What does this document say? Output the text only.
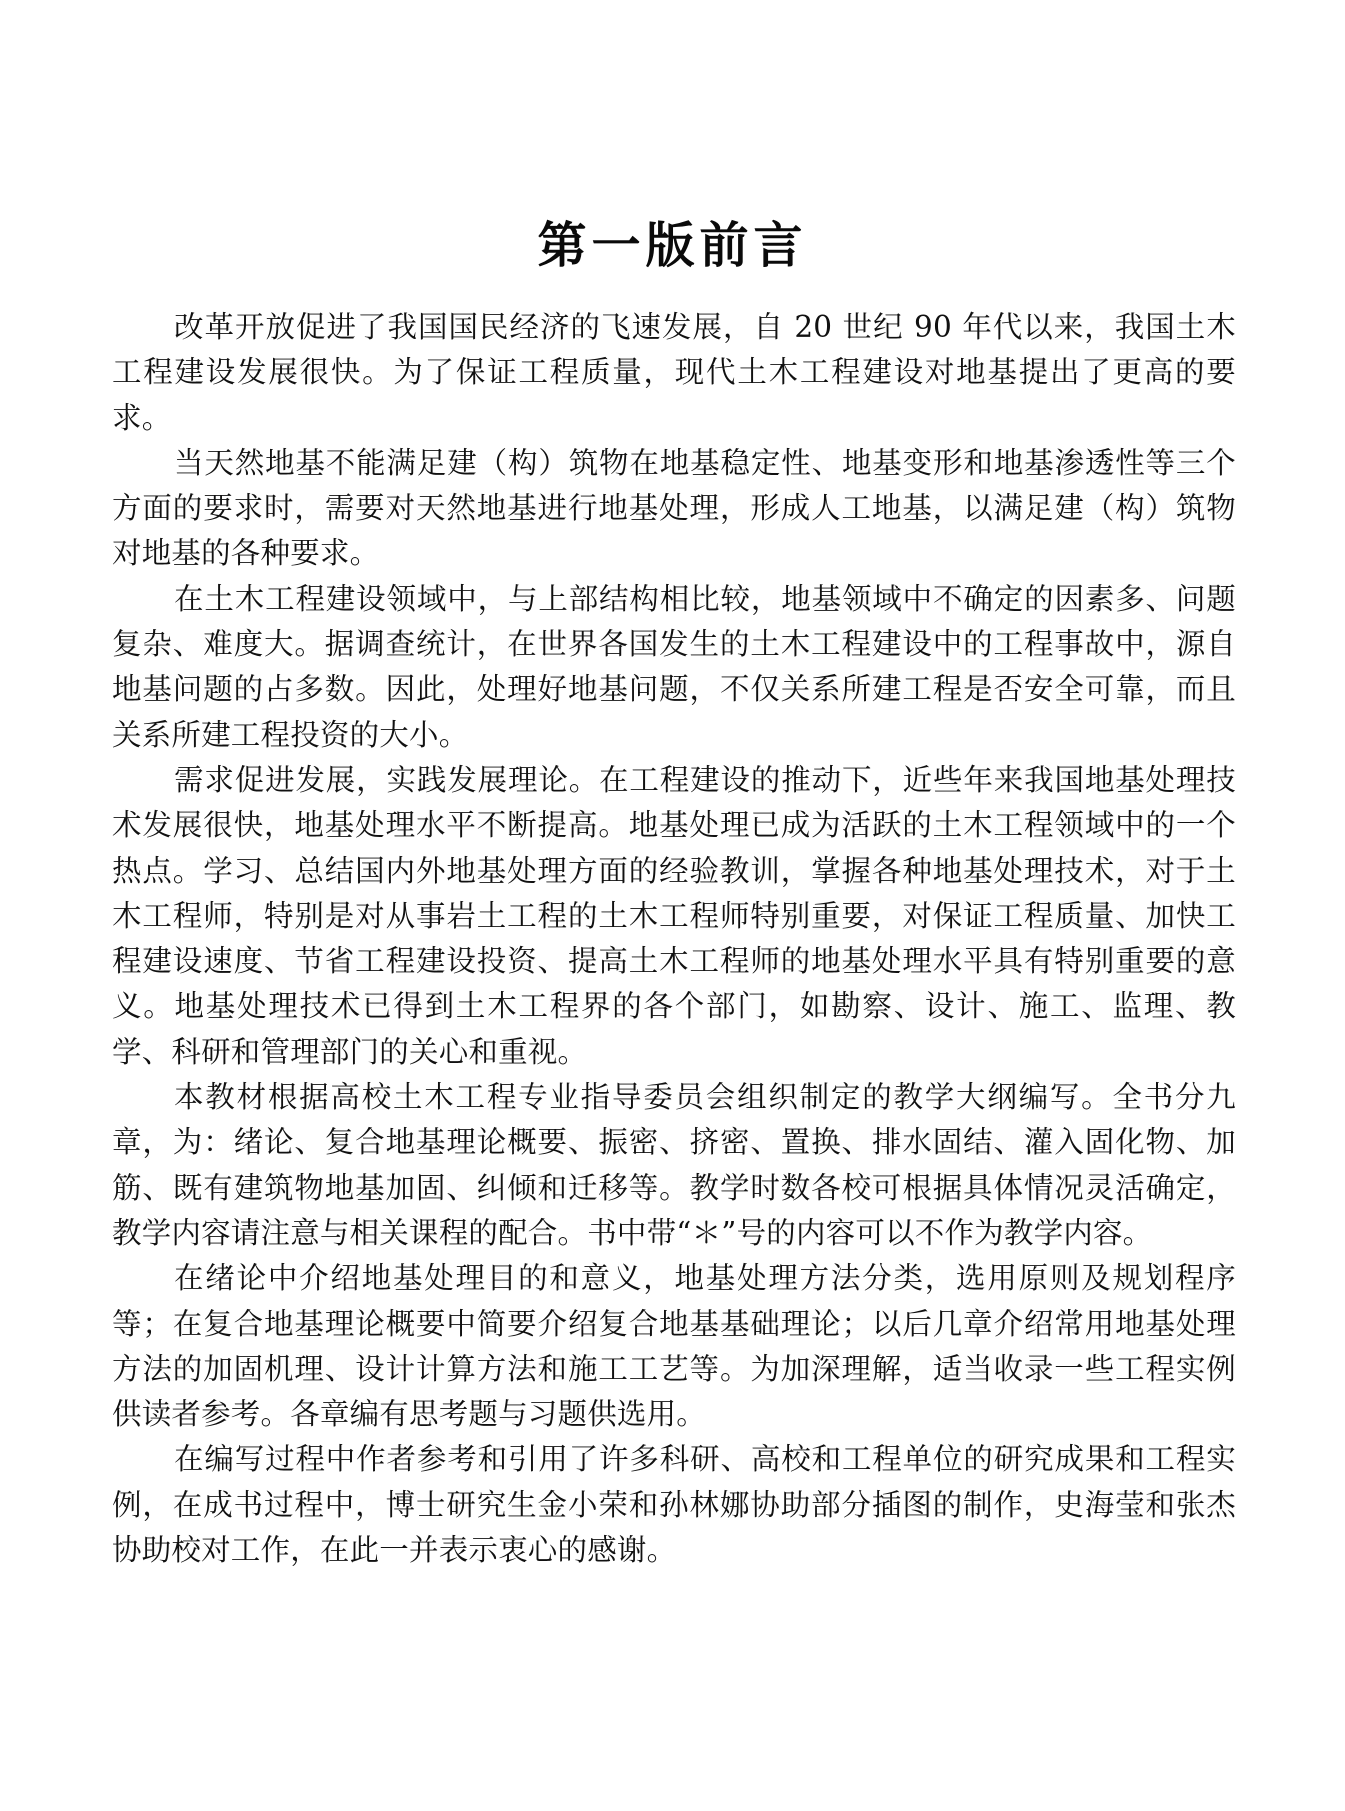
第一版前言

改革开放促进了我国国民经济的飞速发展，自 20 世纪 90 年代以来，我国土木工程建设发展很快。为了保证工程质量，现代土木工程建设对地基提出了更高的要求。

当天然地基不能满足建（构）筑物在地基稳定性、地基变形和地基渗透性等三个方面的要求时，需要对天然地基进行地基处理，形成人工地基，以满足建（构）筑物对地基的各种要求。

在土木工程建设领域中，与上部结构相比较，地基领域中不确定的因素多、问题复杂、难度大。据调查统计，在世界各国发生的土木工程建设中的工程事故中，源自地基问题的占多数。因此，处理好地基问题，不仅关系所建工程是否安全可靠，而且关系所建工程投资的大小。

需求促进发展，实践发展理论。在工程建设的推动下，近些年来我国地基处理技术发展很快，地基处理水平不断提高。地基处理已成为活跃的土木工程领域中的一个热点。学习、总结国内外地基处理方面的经验教训，掌握各种地基处理技术，对于土木工程师，特别是对从事岩土工程的土木工程师特别重要，对保证工程质量、加快工程建设速度、节省工程建设投资、提高土木工程师的地基处理水平具有特别重要的意义。地基处理技术已得到土木工程界的各个部门，如勘察、设计、施工、监理、教学、科研和管理部门的关心和重视。

本教材根据高校土木工程专业指导委员会组织制定的教学大纲编写。全书分九章，为：绪论、复合地基理论概要、振密、挤密、置换、排水固结、灌入固化物、加筋、既有建筑物地基加固、纠倾和迁移等。教学时数各校可根据具体情况灵活确定，教学内容请注意与相关课程的配合。书中带“＊”号的内容可以不作为教学内容。

在绪论中介绍地基处理目的和意义，地基处理方法分类，选用原则及规划程序等；在复合地基理论概要中简要介绍复合地基基础理论；以后几章介绍常用地基处理方法的加固机理、设计计算方法和施工工艺等。为加深理解，适当收录一些工程实例供读者参考。各章编有思考题与习题供选用。

在编写过程中作者参考和引用了许多科研、高校和工程单位的研究成果和工程实例，在成书过程中，博士研究生金小荣和孙林娜协助部分插图的制作，史海莹和张杰协助校对工作，在此一并表示衷心的感谢。
